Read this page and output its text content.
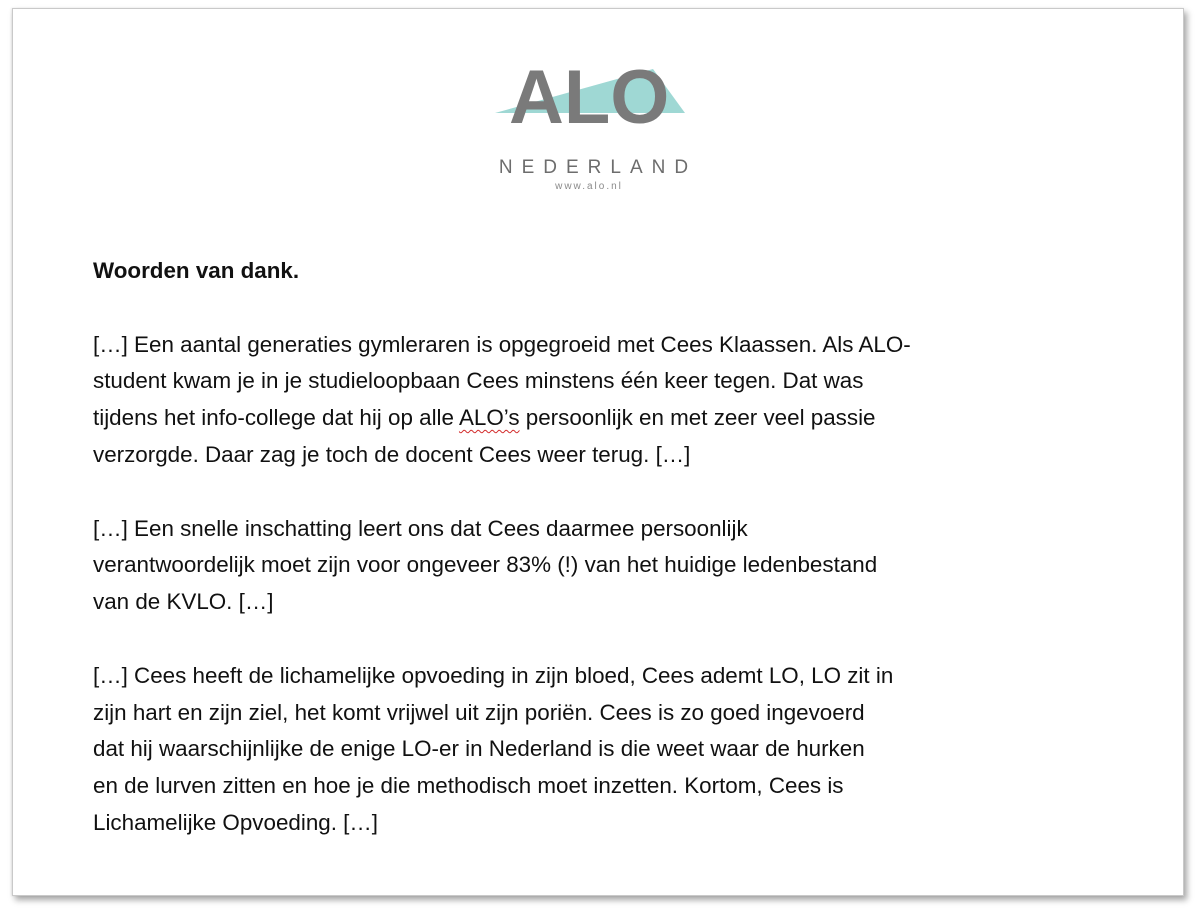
ALO
NEDERLAND
www.alo.nl
Woorden van dank.
[…] Een aantal generaties gymleraren is opgegroeid met Cees Klaassen. Als ALO-
student kwam je in je studieloopbaan Cees minstens één keer tegen. Dat was
tijdens het info-college dat hij op alle ALO’s persoonlijk en met zeer veel passie
verzorgde. Daar zag je toch de docent Cees weer terug. […]
[…] Een snelle inschatting leert ons dat Cees daarmee persoonlijk
verantwoordelijk moet zijn voor ongeveer 83% (!) van het huidige ledenbestand
van de KVLO. […]
[…] Cees heeft de lichamelijke opvoeding in zijn bloed, Cees ademt LO, LO zit in
zijn hart en zijn ziel, het komt vrijwel uit zijn poriën. Cees is zo goed ingevoerd
dat hij waarschijnlijke de enige LO-er in Nederland is die weet waar de hurken
en de lurven zitten en hoe je die methodisch moet inzetten. Kortom, Cees is
Lichamelijke Opvoeding. […]
